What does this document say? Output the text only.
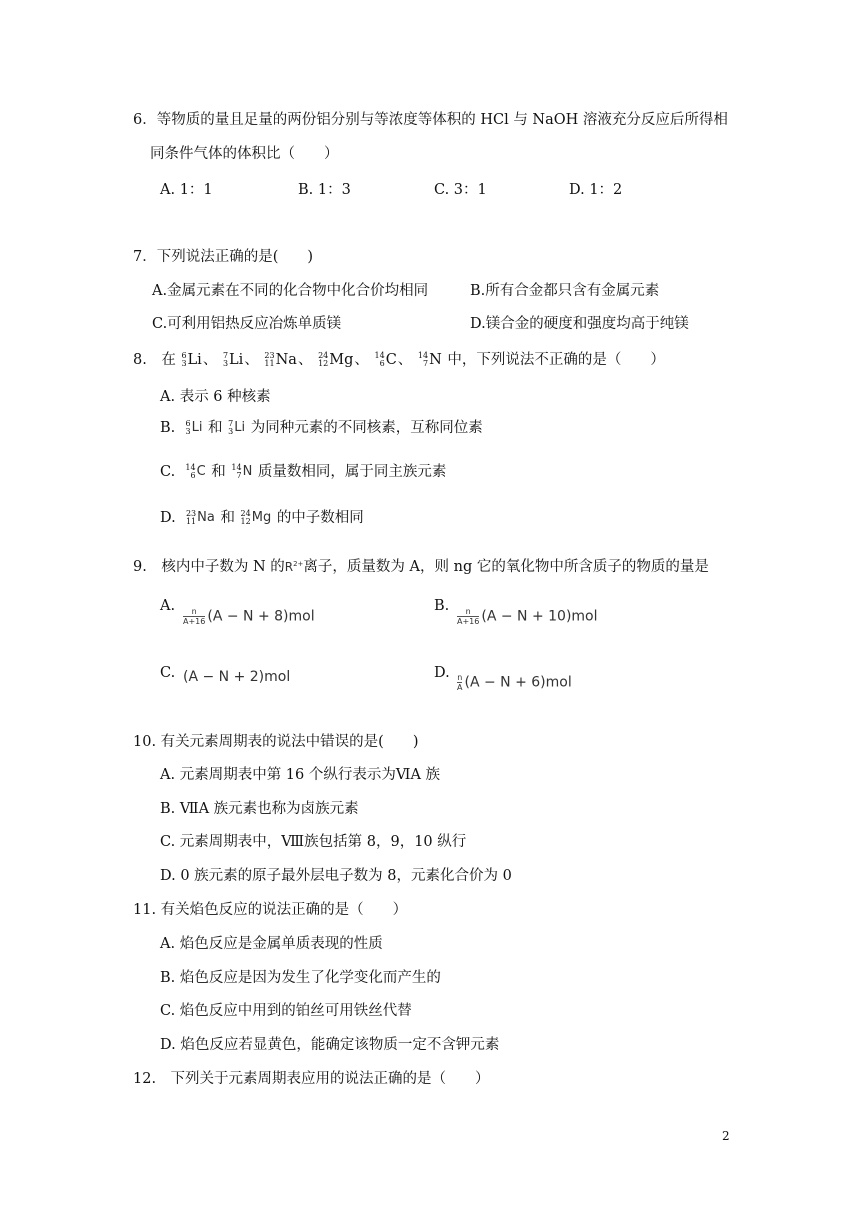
6．等物质的量且足量的两份铝分别与等浓度等体积的 HCl 与 NaOH 溶液充分反应后所得相
同条件气体的体积比（　　）
A. 1：1	B. 1：3	C. 3：1	D. 1：2
7．下列说法正确的是(　　)
A.金属元素在不同的化合物中化合价均相同	B.所有合金都只含有金属元素
C.可利用铝热反应冶炼单质镁	D.镁合金的硬度和强度均高于纯镁
8.　在 6
3 Li、 7
3 Li、 23
11 Na、 24
12 Mg、 14
6 C、 14
7 N 中，下列说法不正确的是（　　）
A. 表示 6 种核素
B. 6
3 Li 和 7
3 Li 为同种元素的不同核素，互称同位素
C. 14
6 C 和 14
7 N 质量数相同，属于同主族元素
D. 23
11 Na 和 24
12 Mg 的中子数相同
9.　核内中子数为 N 的$R^{2+}$离子，质量数为 A，则 ng 它的氧化物中所含质子的物质的量是
A.
$\frac{n}{A+16} (A - N + 8)mol$
B.
$\frac{n}{A+16} (A - N + 10)mol$
C. (A − N + 2)mol	D. $\frac{n}{A} (A - N + 6)mol$
10. 有关元素周期表的说法中错误的是(　　)
A. 元素周期表中第 16 个纵行表示为ⅥA 族
B. ⅦA 族元素也称为卤族元素
C. 元素周期表中，Ⅷ族包括第 8，9，10 纵行
D. 0 族元素的原子最外层电子数为 8，元素化合价为 0
11. 有关焰色反应的说法正确的是（　　）
A. 焰色反应是金属单质表现的性质
B. 焰色反应是因为发生了化学变化而产生的
C. 焰色反应中用到的铂丝可用铁丝代替
D. 焰色反应若显黄色，能确定该物质一定不含钾元素
12.　下列关于元素周期表应用的说法正确的是（　　）
2
